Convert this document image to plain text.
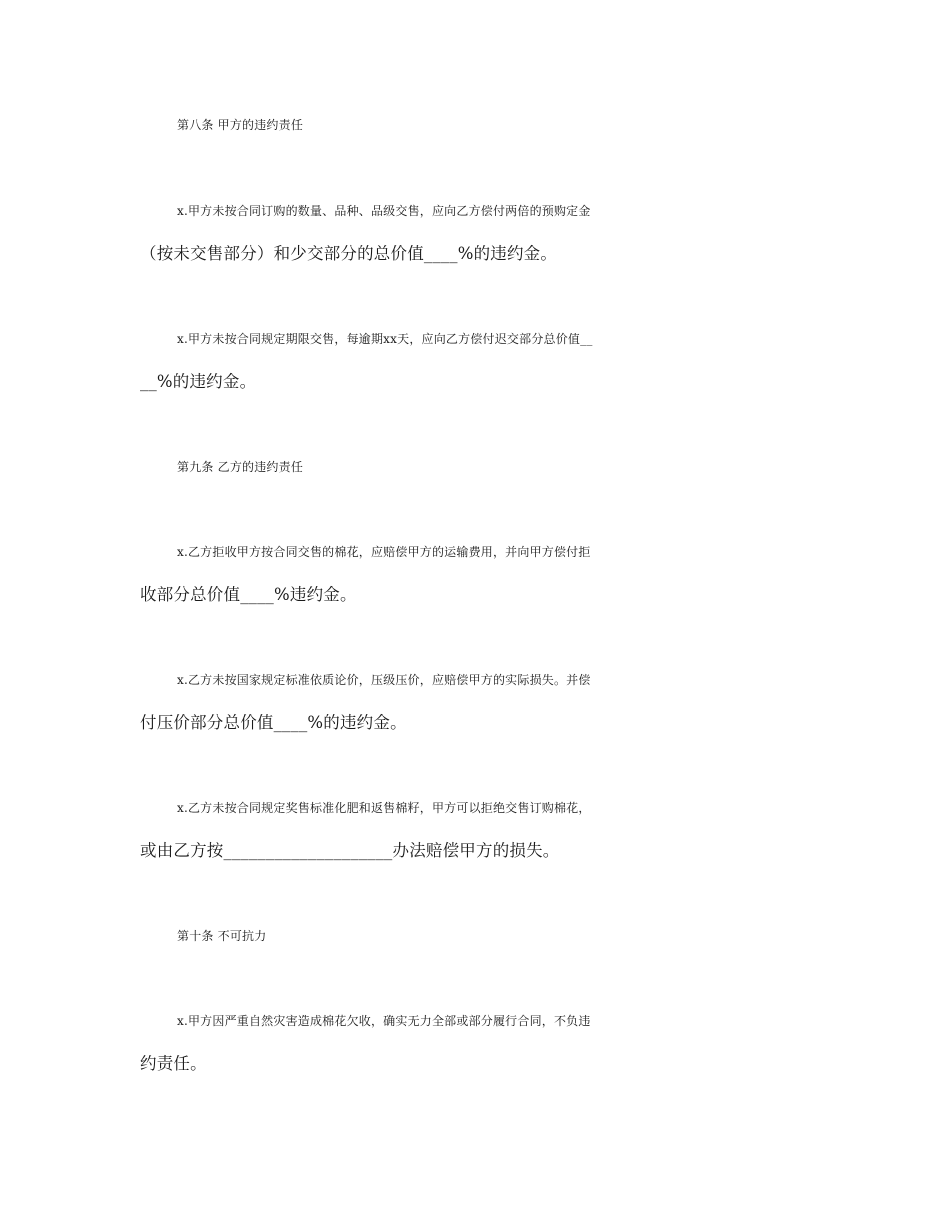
第八条 甲方的违约责任
x.甲方未按合同订购的数量、品种、品级交售，应向乙方偿付两倍的预购定金
（按未交售部分）和少交部分的总价值____%的违约金。
x.甲方未按合同规定期限交售，每逾期xx天，应向乙方偿付迟交部分总价值__
__%的违约金。
第九条 乙方的违约责任
x.乙方拒收甲方按合同交售的棉花，应赔偿甲方的运输费用，并向甲方偿付拒
收部分总价值____%违约金。
x.乙方未按国家规定标准依质论价，压级压价，应赔偿甲方的实际损失。并偿
付压价部分总价值____%的违约金。
x.乙方未按合同规定奖售标准化肥和返售棉籽，甲方可以拒绝交售订购棉花，
或由乙方按____________________办法赔偿甲方的损失。
第十条 不可抗力
x.甲方因严重自然灾害造成棉花欠收，确实无力全部或部分履行合同，不负违
约责任。
